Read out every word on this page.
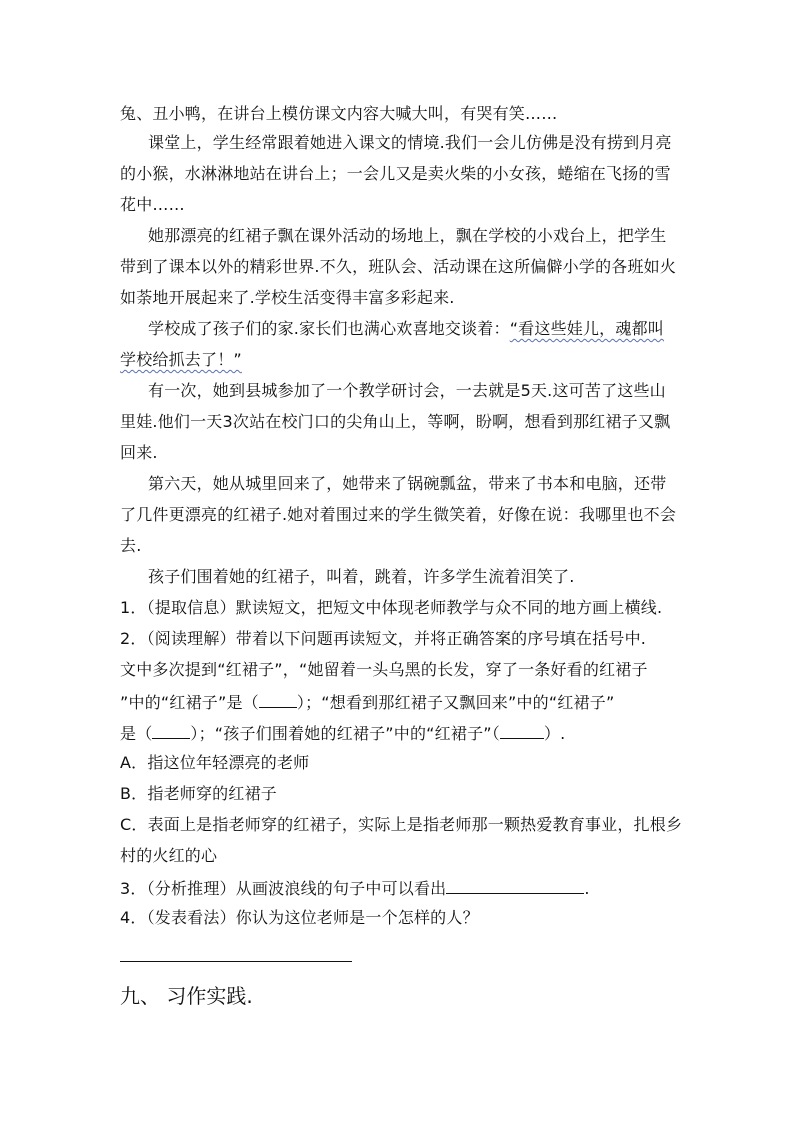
兔、丑小鸭，在讲台上模仿课文内容大喊大叫，有哭有笑……
课堂上，学生经常跟着她进入课文的情境.我们一会儿仿佛是没有捞到月亮
的小猴，水淋淋地站在讲台上；一会儿又是卖火柴的小女孩，蜷缩在飞扬的雪
花中……
她那漂亮的红裙子飘在课外活动的场地上，飘在学校的小戏台上，把学生
带到了课本以外的精彩世界.不久，班队会、活动课在这所偏僻小学的各班如火
如荼地开展起来了.学校生活变得丰富多彩起来.
学校成了孩子们的家.家长们也满心欢喜地交谈着：“看这些娃儿，魂都叫
学校给抓去了！”
有一次，她到县城参加了一个教学研讨会，一去就是5天.这可苦了这些山
里娃.他们一天3次站在校门口的尖角山上，等啊，盼啊，想看到那红裙子又飘
回来.
第六天，她从城里回来了，她带来了锅碗瓢盆，带来了书本和电脑，还带
了几件更漂亮的红裙子.她对着围过来的学生微笑着，好像在说：我哪里也不会
去.
孩子们围着她的红裙子，叫着，跳着，许多学生流着泪笑了.
1．（提取信息）默读短文，把短文中体现老师教学与众不同的地方画上横线.
2．（阅读理解）带着以下问题再读短文，并将正确答案的序号填在括号中.
文中多次提到“红裙子”，“她留着一头乌黑的长发，穿了一条好看的红裙子
”中的“红裙子”是（ ）；“想看到那红裙子又飘回来”中的“红裙子”
是（ ）；“孩子们围着她的红裙子”中的“红裙子”（	）.
A．指这位年轻漂亮的老师
B．指老师穿的红裙子
C．表面上是指老师穿的红裙子，实际上是指老师那一颗热爱教育事业，扎根乡
村的火红的心
3．（分析推理）从画波浪线的句子中可以看出	.
4．（发表看法）你认为这位老师是一个怎样的人？
九、 习作实践.
